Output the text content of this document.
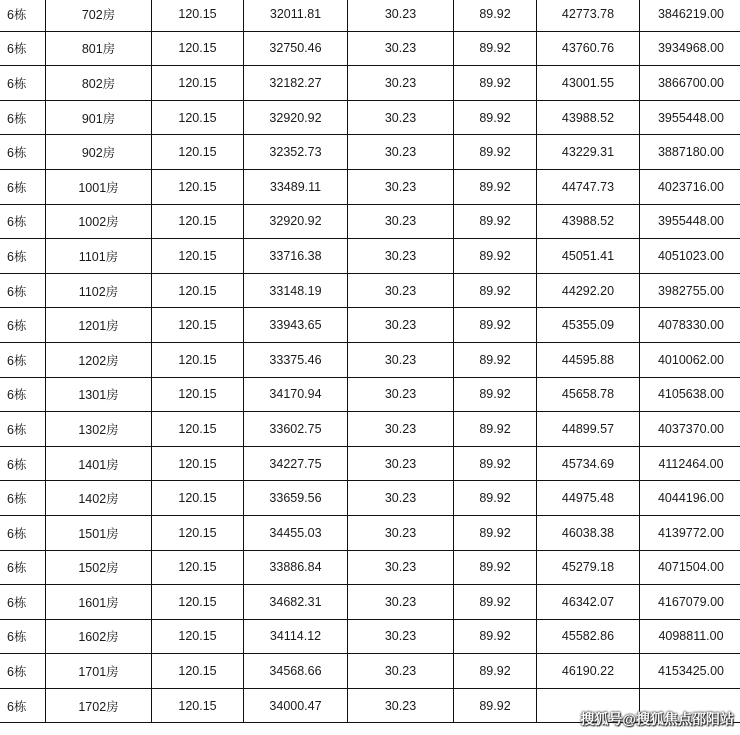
6栋	702房	120.15	32011.81	30.23	89.92	42773.78	3846219.00
6栋	801房	120.15	32750.46	30.23	89.92	43760.76	3934968.00
6栋	802房	120.15	32182.27	30.23	89.92	43001.55	3866700.00
6栋	901房	120.15	32920.92	30.23	89.92	43988.52	3955448.00
6栋	902房	120.15	32352.73	30.23	89.92	43229.31	3887180.00
6栋	1001房	120.15	33489.11	30.23	89.92	44747.73	4023716.00
6栋	1002房	120.15	32920.92	30.23	89.92	43988.52	3955448.00
6栋	1101房	120.15	33716.38	30.23	89.92	45051.41	4051023.00
6栋	1102房	120.15	33148.19	30.23	89.92	44292.20	3982755.00
6栋	1201房	120.15	33943.65	30.23	89.92	45355.09	4078330.00
6栋	1202房	120.15	33375.46	30.23	89.92	44595.88	4010062.00
6栋	1301房	120.15	34170.94	30.23	89.92	45658.78	4105638.00
6栋	1302房	120.15	33602.75	30.23	89.92	44899.57	4037370.00
6栋	1401房	120.15	34227.75	30.23	89.92	45734.69	4112464.00
6栋	1402房	120.15	33659.56	30.23	89.92	44975.48	4044196.00
6栋	1501房	120.15	34455.03	30.23	89.92	46038.38	4139772.00
6栋	1502房	120.15	33886.84	30.23	89.92	45279.18	4071504.00
6栋	1601房	120.15	34682.31	30.23	89.92	46342.07	4167079.00
6栋	1602房	120.15	34114.12	30.23	89.92	45582.86	4098811.00
6栋	1701房	120.15	34568.66	30.23	89.92	46190.22	4153425.00
6栋	1702房	120.15	34000.47	30.23	89.92		
搜狐号@搜狐焦点邵阳站
